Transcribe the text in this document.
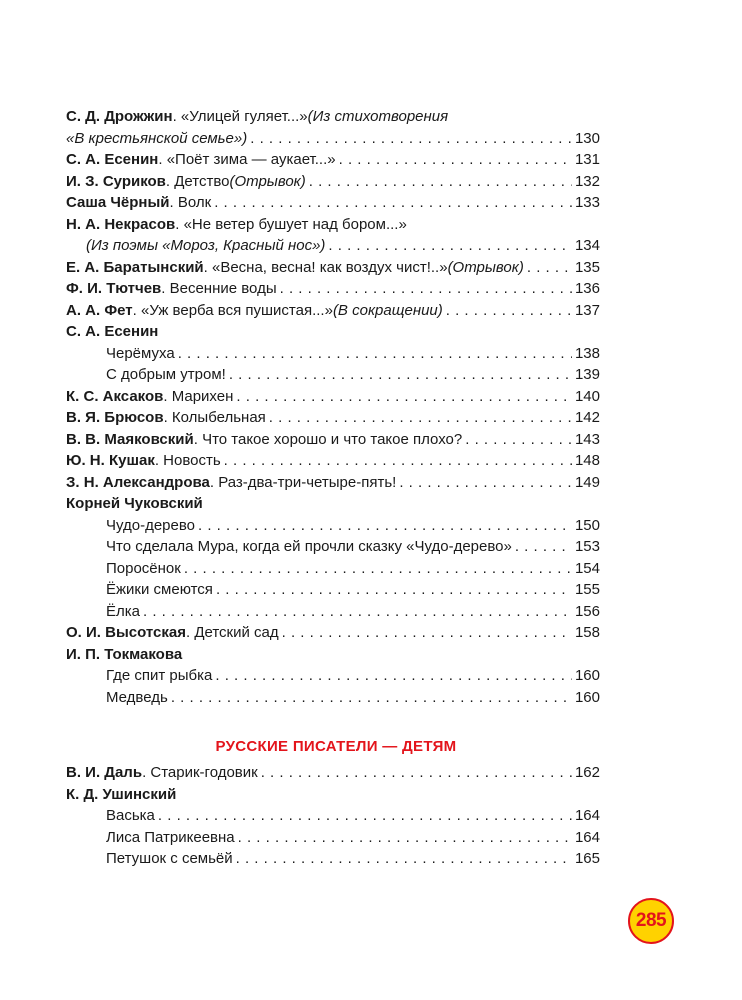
С. Д. Дрожжин . «Улицей гуляет...» (Из стихотворения
«В крестьянской семье») . . .	130
С. А. Есенин . «Поёт зима — аукает...» . . .	131
И. З. Суриков . Детство (Отрывок) . . .	132
Саша Чёрный . Волк . . .	133
Н. А. Некрасов . «Не ветер бушует над бором...»
(Из поэмы «Мороз, Красный нос») . . .	134
Е. А. Баратынский . «Весна, весна! как воздух чист!..» (Отрывок) . . .	135
Ф. И. Тютчев . Весенние воды . . .	136
А. А. Фет . «Уж верба вся пушистая...» (В сокращении) . . .	137
С. А. Есенин
Черёмуха . . .	138
С добрым утром! . . .	139
К. С. Аксаков . Марихен . . .	140
В. Я. Брюсов . Колыбельная . . .	142
В. В. Маяковский . Что такое хорошо и что такое плохо? . . .	143
Ю. Н. Кушак . Новость . . .	148
З. Н. Александрова . Раз-два-три-четыре-пять! . . .	149
Корней Чуковский
Чудо-дерево . . .	150
Что сделала Мура, когда ей прочли сказку «Чудо-дерево» . . .	153
Поросёнок . . .	154
Ёжики смеются . . .	155
Ёлка . . .	156
О. И. Высотская . Детский сад . . .	158
И. П. Токмакова
Где спит рыбка . . .	160
Медведь . . .	160
РУССКИЕ ПИСАТЕЛИ — ДЕТЯМ
В. И. Даль . Старик-годовик . . .	162
К. Д. Ушинский
Васька . . .	164
Лиса Патрикеевна . . .	164
Петушок с семьёй . . .	165
285
